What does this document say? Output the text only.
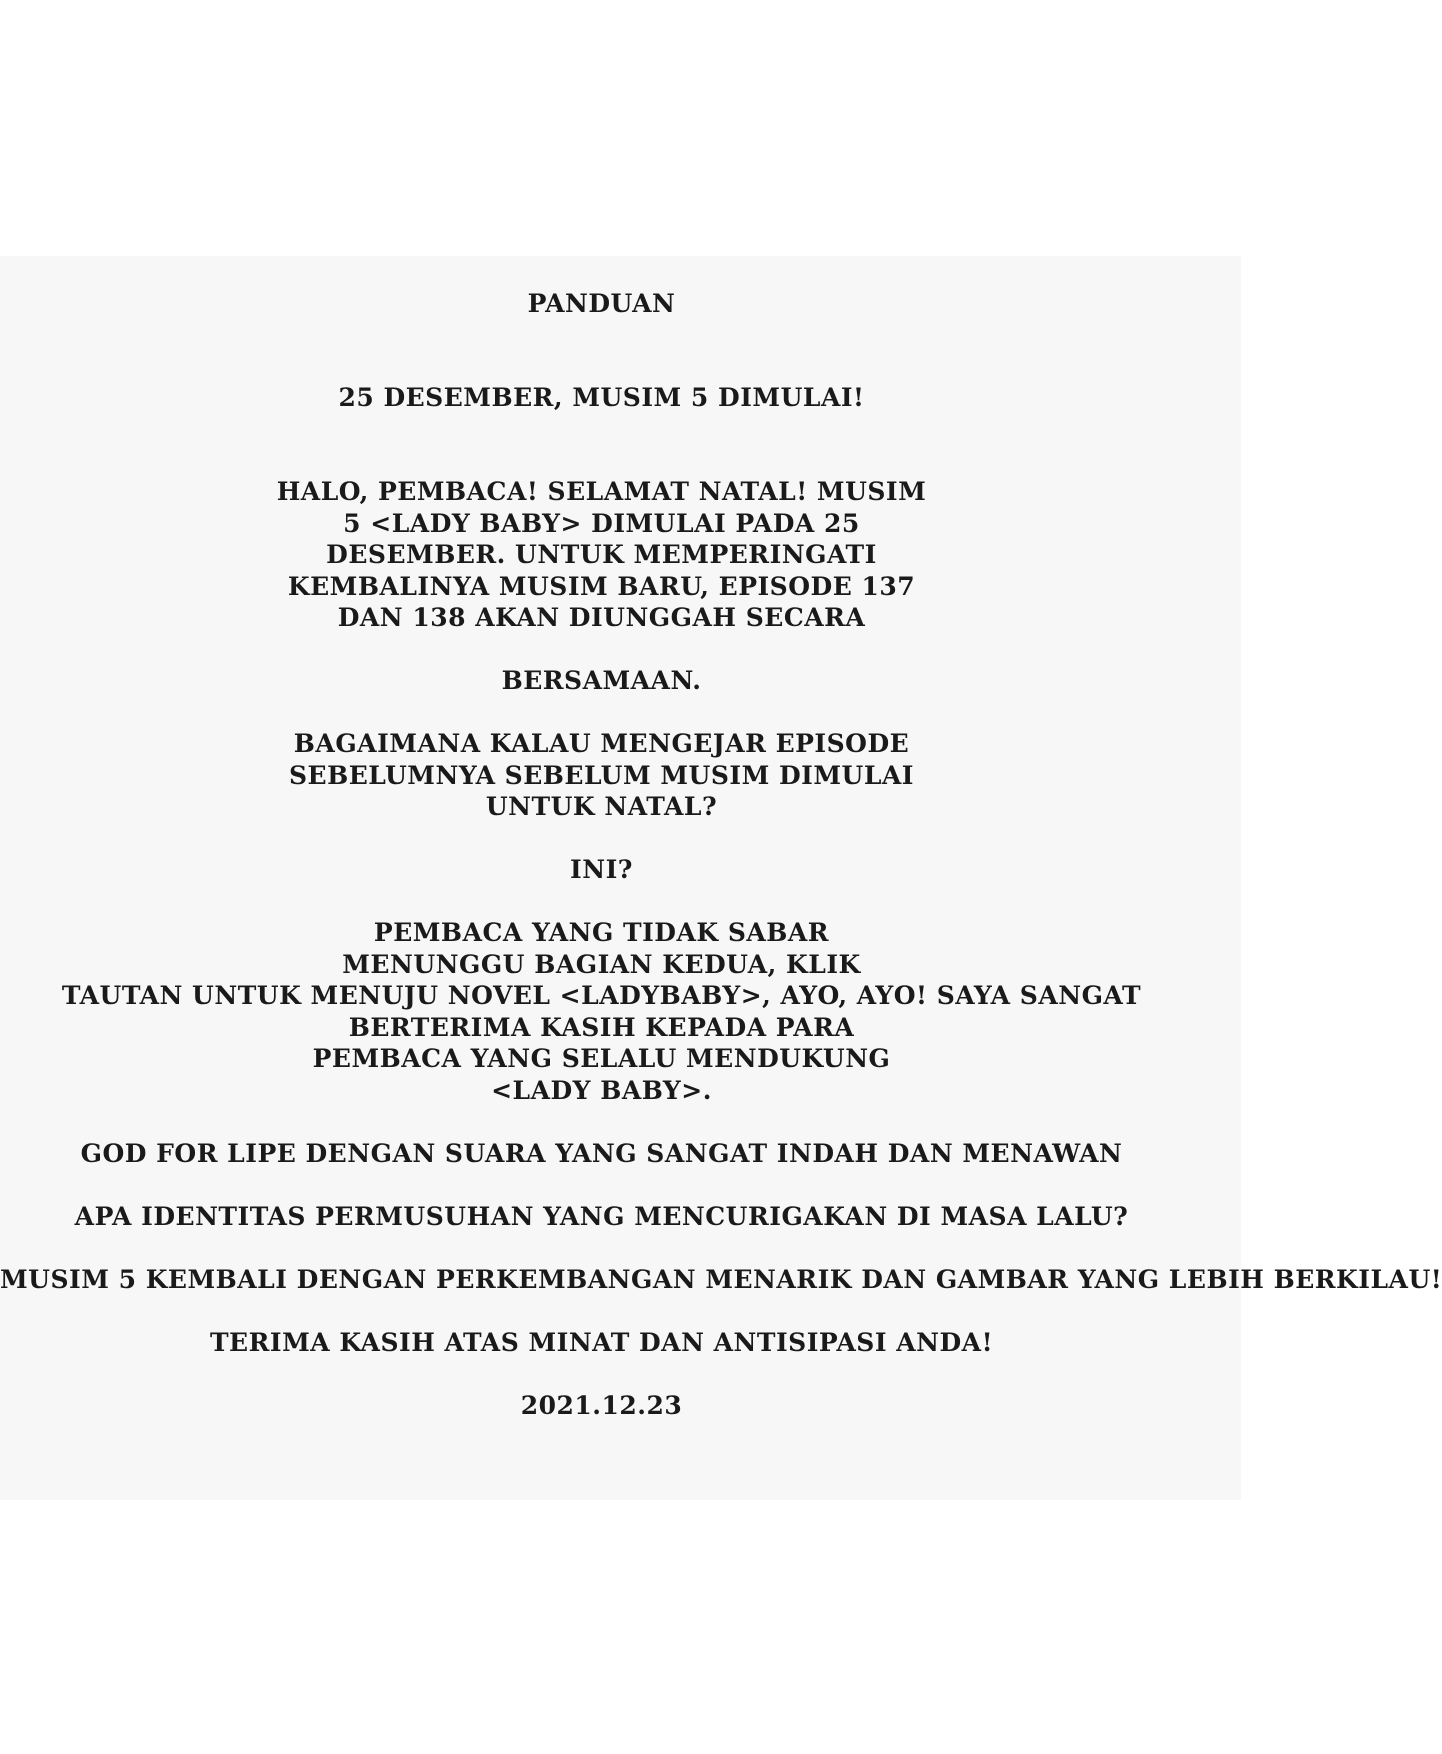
PANDUAN
25 DESEMBER, MUSIM 5 DIMULAI!
HALO, PEMBACA! SELAMAT NATAL! MUSIM
5 <LADY BABY> DIMULAI PADA 25
DESEMBER. UNTUK MEMPERINGATI
KEMBALINYA MUSIM BARU, EPISODE 137
DAN 138 AKAN DIUNGGAH SECARA
BERSAMAAN.
BAGAIMANA KALAU MENGEJAR EPISODE
SEBELUMNYA SEBELUM MUSIM DIMULAI
UNTUK NATAL?
INI?
PEMBACA YANG TIDAK SABAR
MENUNGGU BAGIAN KEDUA, KLIK
TAUTAN UNTUK MENUJU NOVEL <LADYBABY>, AYO, AYO! SAYA SANGAT
BERTERIMA KASIH KEPADA PARA
PEMBACA YANG SELALU MENDUKUNG
<LADY BABY>.
GOD FOR LIPE DENGAN SUARA YANG SANGAT INDAH DAN MENAWAN
APA IDENTITAS PERMUSUHAN YANG MENCURIGAKAN DI MASA LALU?
MUSIM 5 KEMBALI DENGAN PERKEMBANGAN MENARIK DAN GAMBAR YANG LEBIH BERKILAU!
TERIMA KASIH ATAS MINAT DAN ANTISIPASI ANDA!
2021.12.23
